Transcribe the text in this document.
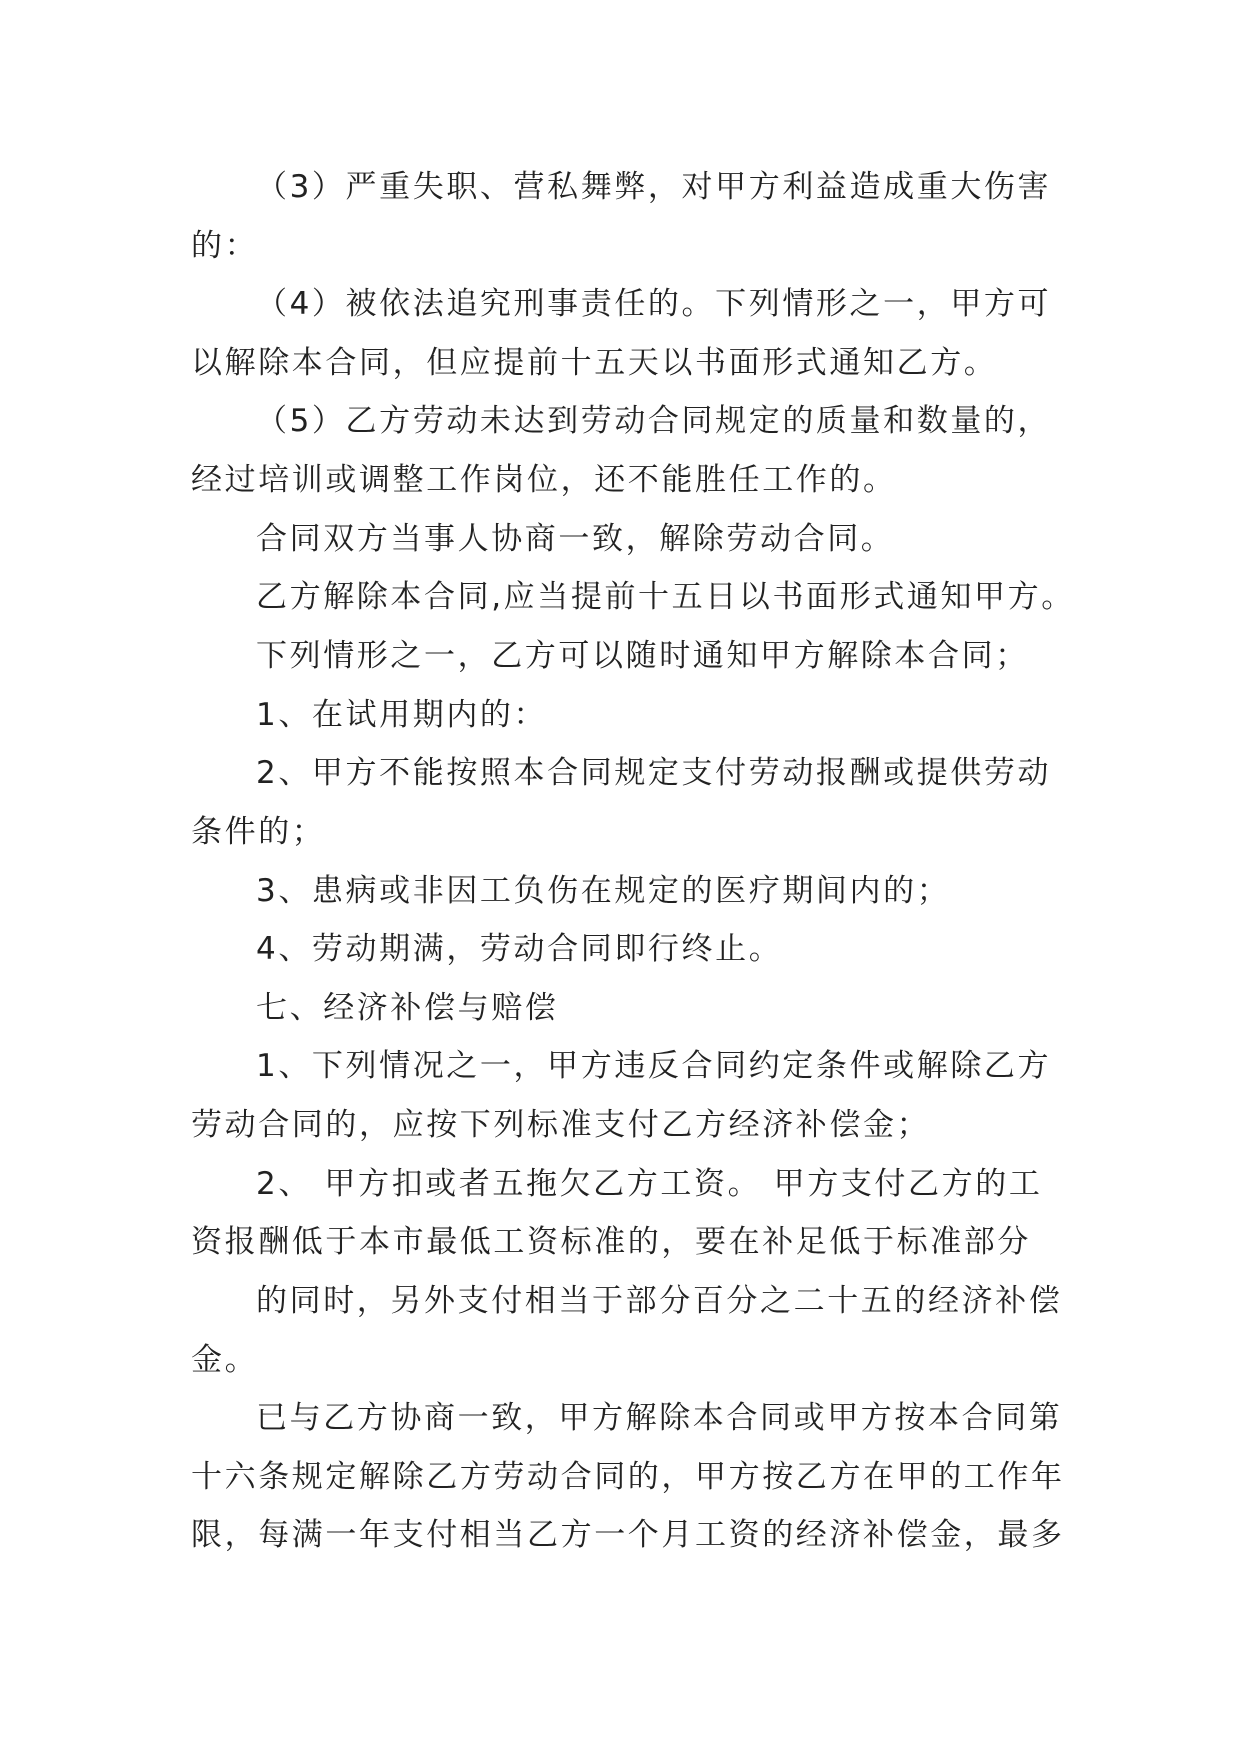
（3）严重失职、营私舞弊，对甲方利益造成重大伤害
的：
（4）被依法追究刑事责任的。下列情形之一，甲方可
以解除本合同，但应提前十五天以书面形式通知乙方。
（5）乙方劳动未达到劳动合同规定的质量和数量的，
经过培训或调整工作岗位，还不能胜任工作的。
合同双方当事人协商一致，解除劳动合同。
乙方解除本合同,应当提前十五日以书面形式通知甲方。
下列情形之一，乙方可以随时通知甲方解除本合同；
1、在试用期内的：
2、甲方不能按照本合同规定支付劳动报酬或提供劳动
条件的；
3、患病或非因工负伤在规定的医疗期间内的；
4、劳动期满，劳动合同即行终止。
七、经济补偿与赔偿
1、下列情况之一，甲方违反合同约定条件或解除乙方
劳动合同的，应按下列标准支付乙方经济补偿金；
2、 甲方扣或者五拖欠乙方工资。 甲方支付乙方的工
资报酬低于本市最低工资标准的，要在补足低于标准部分
的同时，另外支付相当于部分百分之二十五的经济补偿
金。
已与乙方协商一致，甲方解除本合同或甲方按本合同第
十六条规定解除乙方劳动合同的，甲方按乙方在甲的工作年
限，每满一年支付相当乙方一个月工资的经济补偿金，最多
